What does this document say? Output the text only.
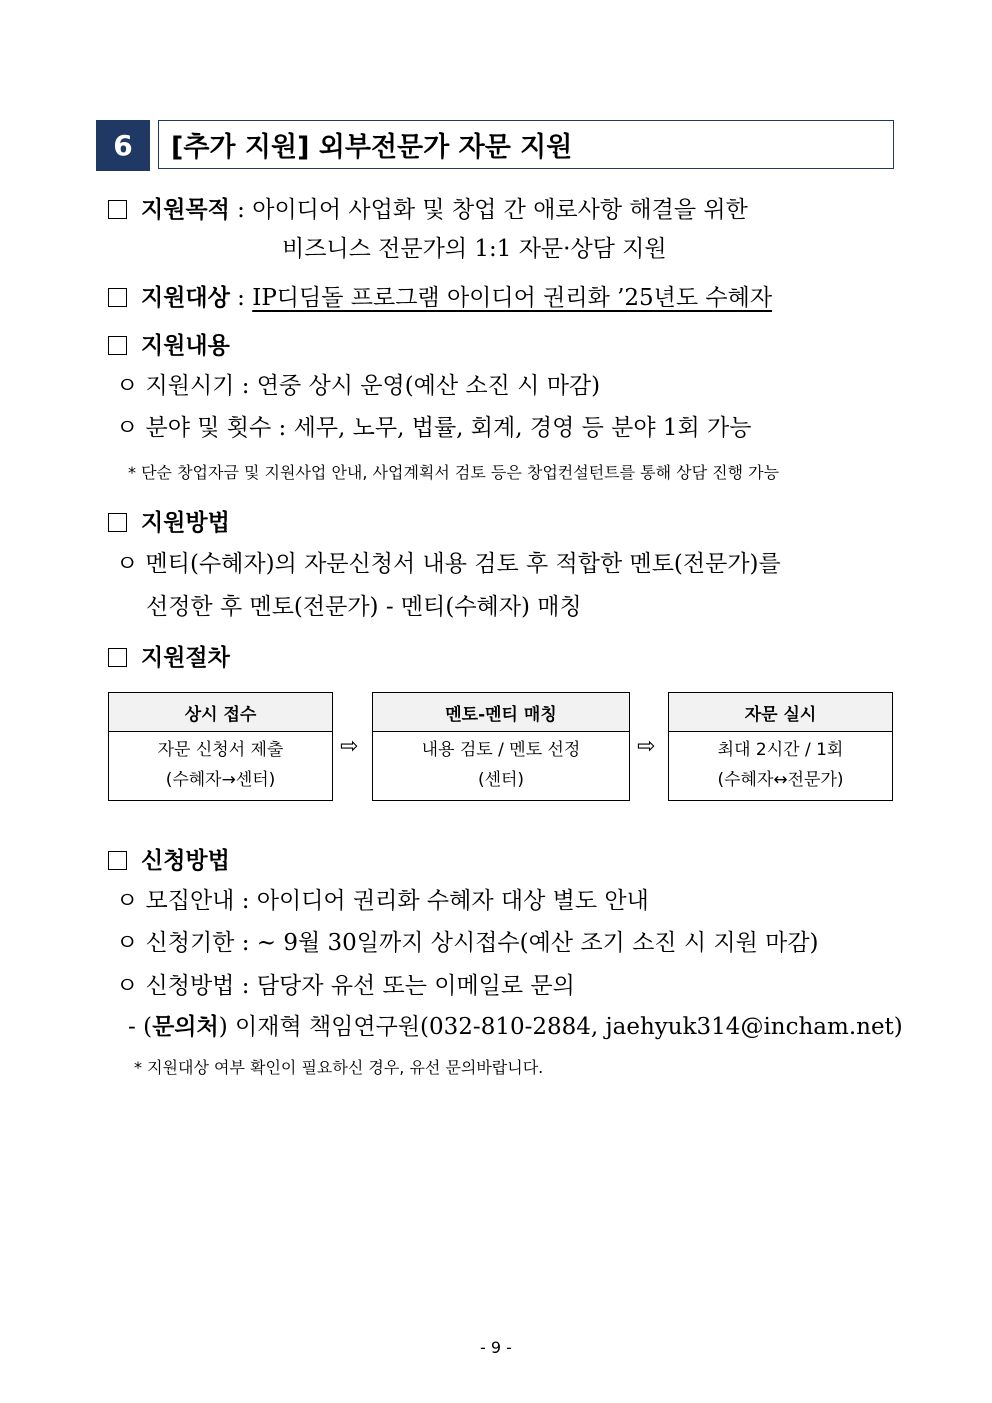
6	[추가 지원] 외부전문가 자문 지원
지원목적 : 아이디어 사업화 및 창업 간 애로사항 해결을 위한
비즈니스 전문가의 1:1 자문·상담 지원
지원대상 : IP디딤돌 프로그램 아이디어 권리화 ’25년도 수혜자
지원내용
ㅇ 지원시기 : 연중 상시 운영(예산 소진 시 마감)
ㅇ 분야 및 횟수 : 세무, 노무, 법률, 회계, 경영 등 분야 1회 가능
* 단순 창업자금 및 지원사업 안내, 사업계획서 검토 등은 창업컨설턴트를 통해 상담 진행 가능
지원방법
ㅇ 멘티(수혜자)의 자문신청서 내용 검토 후 적합한 멘토(전문가)를
선정한 후 멘토(전문가) - 멘티(수혜자) 매칭
지원절차
상시 접수
자문 신청서 제출
(수혜자→센터)
⇨
멘토-멘티 매칭
내용 검토 / 멘토 선정
(센터)
⇨
자문 실시
최대 2시간 / 1회
(수혜자↔전문가)
신청방법
ㅇ 모집안내 : 아이디어 권리화 수혜자 대상 별도 안내
ㅇ 신청기한 : ~ 9월 30일까지 상시접수(예산 조기 소진 시 지원 마감)
ㅇ 신청방법 : 담당자 유선 또는 이메일로 문의
- (문의처) 이재혁 책임연구원(032-810-2884, jaehyuk314@incham.net)
* 지원대상 여부 확인이 필요하신 경우, 유선 문의바랍니다.
- 9 -
